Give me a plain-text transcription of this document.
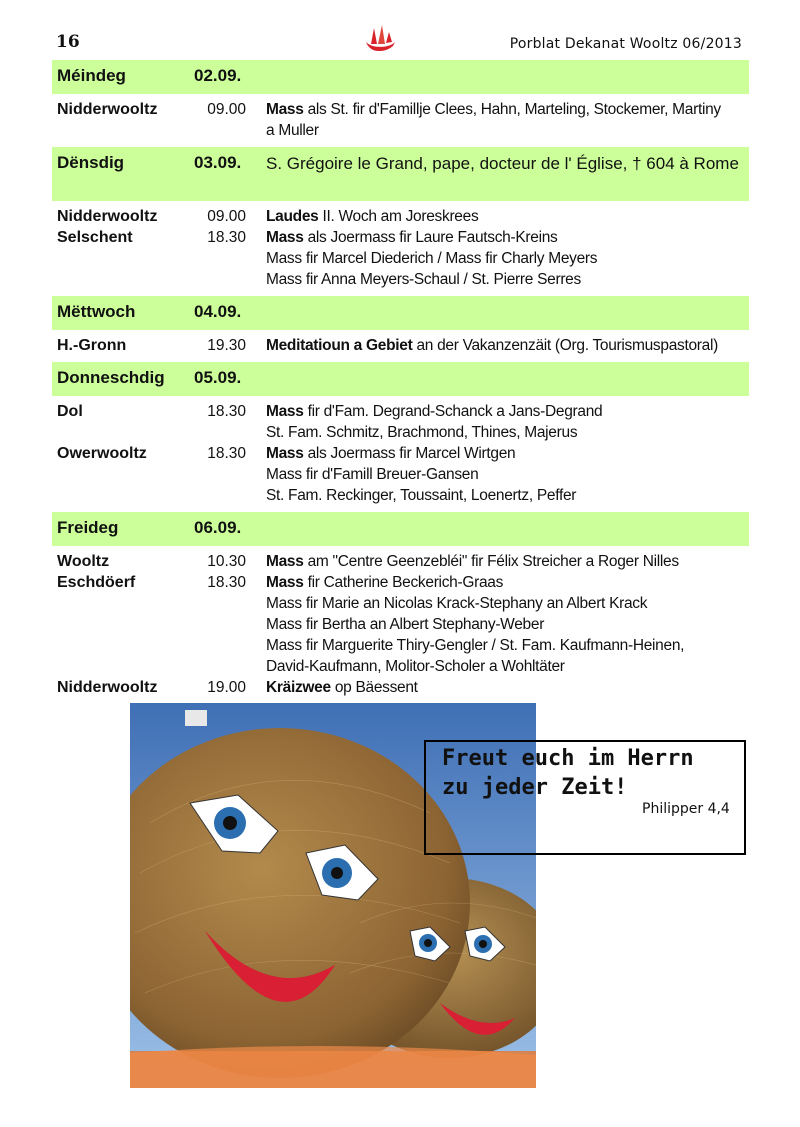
16	Porblat Dekanat Wooltz 06/2013
Méindeg	02.09.
Nidderwooltz	09.00	Mass als St. fir d'Famillje Clees, Hahn, Marteling, Stockemer, Martiny
a Muller
Dënsdig	03.09.	S. Grégoire le Grand, pape, docteur de l' Église, † 604 à Rome
Nidderwooltz	09.00	Laudes II. Woch am Joreskrees
Selschent	18.30	Mass als Joermass fir Laure Fautsch-Kreins
Mass fir Marcel Diederich / Mass fir Charly Meyers
Mass fir Anna Meyers-Schaul / St. Pierre Serres
Mëttwoch	04.09.
H.-Gronn	19.30	Meditatioun a Gebiet an der Vakanzenzäit (Org. Tourismuspastoral)
Donneschdig	05.09.
Dol	18.30	Mass fir d'Fam. Degrand-Schanck a Jans-Degrand
St. Fam. Schmitz, Brachmond, Thines, Majerus
Owerwooltz	18.30	Mass als Joermass fir Marcel Wirtgen
Mass fir d'Famill Breuer-Gansen
St. Fam. Reckinger, Toussaint, Loenertz, Peffer
Freideg	06.09.
Wooltz	10.30	Mass am "Centre Geenzebléi" fir Félix Streicher a Roger Nilles
Eschdöerf	18.30	Mass fir Catherine Beckerich-Graas
Mass fir Marie an Nicolas Krack-Stephany an Albert Krack
Mass fir Bertha an Albert Stephany-Weber
Mass fir Marguerite Thiry-Gengler / St. Fam. Kaufmann-Heinen,
David-Kaufmann, Molitor-Scholer a Wohltäter
Nidderwooltz	19.00	Kräizwee op Bäessent
Freut euch im Herrn
zu jeder Zeit!
Philipper 4,4
